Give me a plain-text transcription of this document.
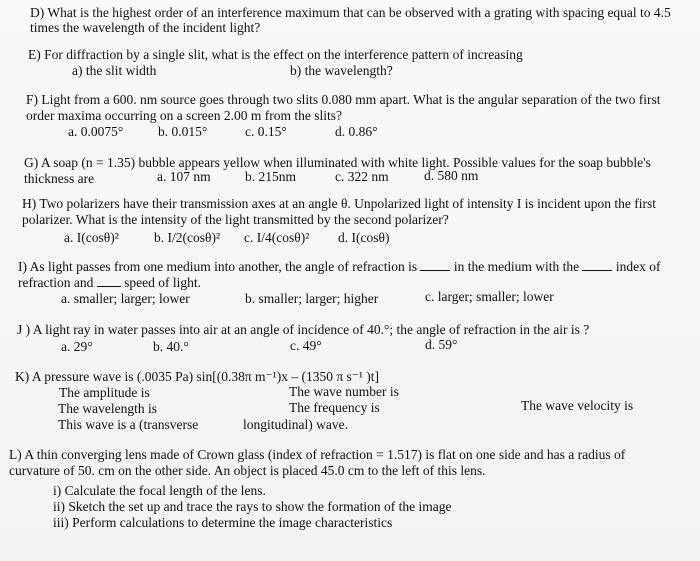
D) What is the highest order of an interference maximum that can be observed with a grating with spacing equal to 4.5
times the wavelength of the incident light?
E) For diffraction by a single slit, what is the effect on the interference pattern of increasing
a) the slit width	b) the wavelength?
F) Light from a 600. nm source goes through two slits 0.080 mm apart. What is the angular separation of the two first
order maxima occurring on a screen 2.00 m from the slits?
a. 0.0075°	b. 0.015°	c. 0.15°	d. 0.86°
G) A soap (n = 1.35) bubble appears yellow when illuminated with white light. Possible values for the soap bubble's
thickness are	a. 107 nm	b. 215nm	c. 322 nm	d. 580 nm
H) Two polarizers have their transmission axes at an angle θ. Unpolarized light of intensity I is incident upon the first
polarizer. What is the intensity of the light transmitted by the second polarizer?
a. I(cosθ)²	b. I/2(cosθ)² c. I/4(cosθ)² d. I(cosθ)
I) As light passes from one medium into another, the angle of refraction is	in the medium with the	index of
refraction and speed of light.
a. smaller; larger; lower	b. smaller; larger; higher	c. larger; smaller; lower
J ) A light ray in water passes into air at an angle of incidence of 40.°; the angle of refraction in the air is ?
a. 29°	b. 40.°	c. 49°	d. 59°
K) A pressure wave is (.0035 Pa) sin[(0.38π m⁻¹)x – (1350 π s⁻¹ )t]
The amplitude is	The wave number is
The wavelength is	The frequency is	The wave velocity is
This wave is a (transverse	longitudinal) wave.
L) A thin converging lens made of Crown glass (index of refraction = 1.517) is flat on one side and has a radius of
curvature of 50. cm on the other side. An object is placed 45.0 cm to the left of this lens.
i) Calculate the focal length of the lens.
ii) Sketch the set up and trace the rays to show the formation of the image
iii) Perform calculations to determine the image characteristics
